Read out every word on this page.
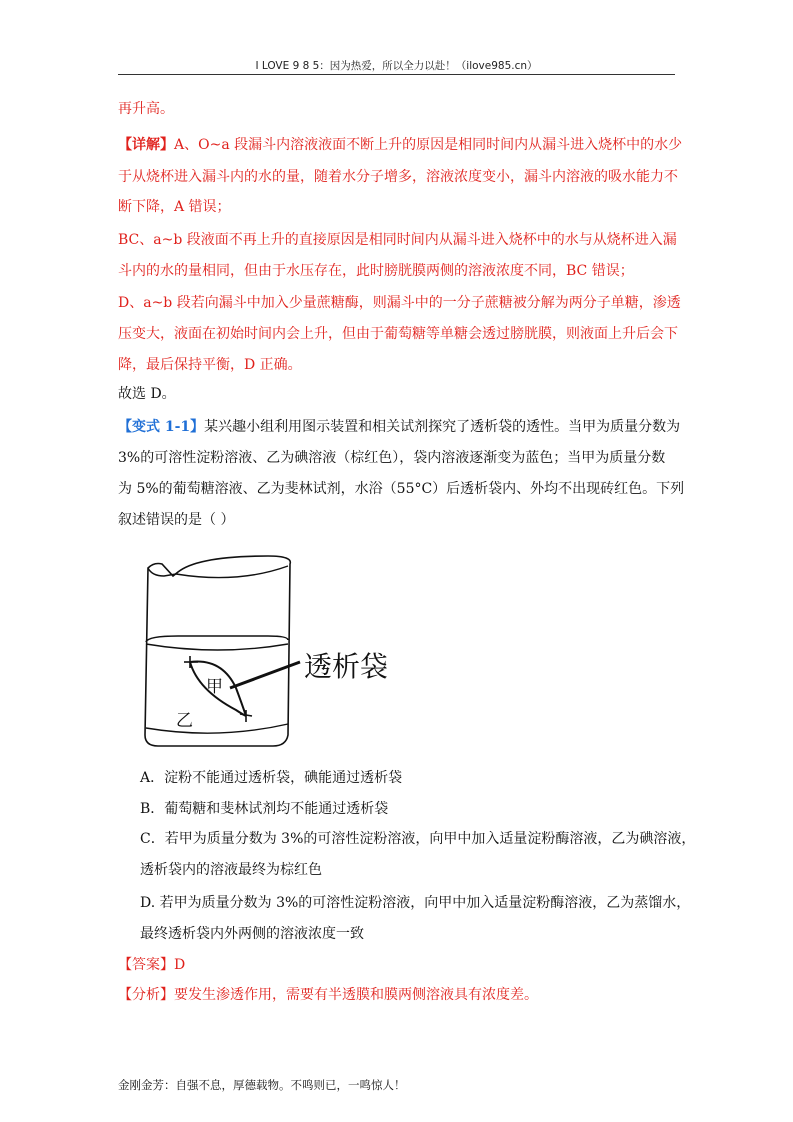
I LOVE 9 8 5：因为热爱，所以全力以赴！（ilove985.cn）
再升高。
【详解】A、O~a 段漏斗内溶液液面不断上升的原因是相同时间内从漏斗进入烧杯中的水少
于从烧杯进入漏斗内的水的量，随着水分子增多，溶液浓度变小，漏斗内溶液的吸水能力不
断下降，A 错误；
BC、a~b 段液面不再上升的直接原因是相同时间内从漏斗进入烧杯中的水与从烧杯进入漏
斗内的水的量相同，但由于水压存在，此时膀胱膜两侧的溶液浓度不同，BC 错误；
D、a~b 段若向漏斗中加入少量蔗糖酶，则漏斗中的一分子蔗糖被分解为两分子单糖，渗透
压变大，液面在初始时间内会上升，但由于葡萄糖等单糖会透过膀胱膜，则液面上升后会下
降，最后保持平衡，D 正确。
故选 D。
【变式 1-1】某兴趣小组利用图示装置和相关试剂探究了透析袋的透性。当甲为质量分数为
3%的可溶性淀粉溶液、乙为碘溶液（棕红色），袋内溶液逐渐变为蓝色；当甲为质量分数
为 5%的葡萄糖溶液、乙为斐林试剂，水浴（55°C）后透析袋内、外均不出现砖红色。下列
叙述错误的是（ ）
透析袋
甲
乙
A．淀粉不能通过透析袋，碘能通过透析袋
B．葡萄糖和斐林试剂均不能通过透析袋
C．若甲为质量分数为 3%的可溶性淀粉溶液，向甲中加入适量淀粉酶溶液，乙为碘溶液，
透析袋内的溶液最终为棕红色
D. 若甲为质量分数为 3%的可溶性淀粉溶液，向甲中加入适量淀粉酶溶液，乙为蒸馏水，
最终透析袋内外两侧的溶液浓度一致
【答案】D
【分析】要发生渗透作用，需要有半透膜和膜两侧溶液具有浓度差。
金刚金芳：自强不息，厚德载物。不鸣则已，一鸣惊人！
